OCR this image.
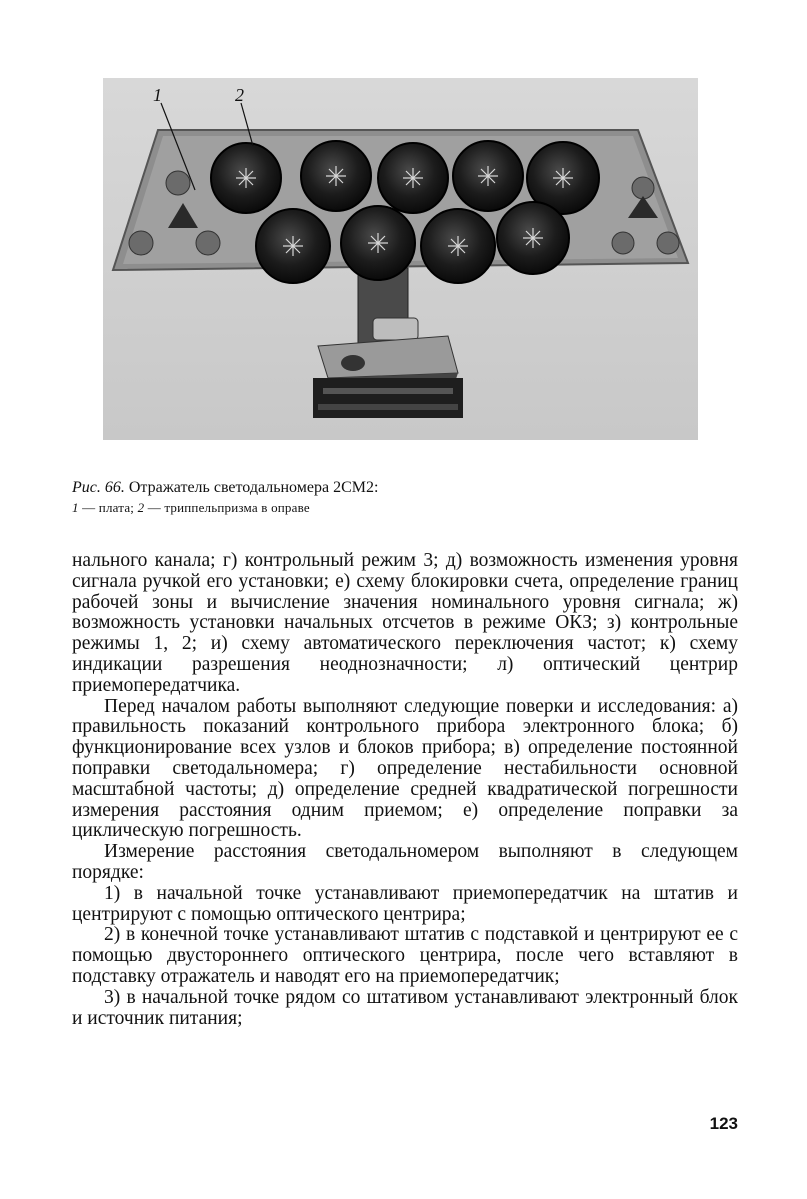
1	2
Рис. 66. Отражатель светодальномера 2СМ2:
1 — плата; 2 — триппельпризма в оправе

нального канала; г) контрольный режим 3; д) возможность изменения уровня сигнала ручкой его установки; е) схему блокировки счета, определение границ рабочей зоны и вычисление значения номинального уровня сигнала; ж) возможность установки начальных отсчетов в режиме ОКЗ; з) контрольные режимы 1, 2; и) схему автоматического переключения частот; к) схему индикации разрешения неоднозначности; л) оптический центрир приемопередатчика.

Перед началом работы выполняют следующие поверки и исследования: а) правильность показаний контрольного прибора электронного блока; б) функционирование всех узлов и блоков прибора; в) определение постоянной поправки светодальномера; г) определение нестабильности основной масштабной частоты; д) определение средней квадратической погрешности измерения расстояния одним приемом; е) определение поправки за циклическую погрешность.

Измерение расстояния светодальномером выполняют в следующем порядке:

1) в начальной точке устанавливают приемопередатчик на штатив и центрируют с помощью оптического центрира;

2) в конечной точке устанавливают штатив с подставкой и центрируют ее с помощью двустороннего оптического центрира, после чего вставляют в подставку отражатель и наводят его на приемопередатчик;

3) в начальной точке рядом со штативом устанавливают электронный блок и источник питания;

123
